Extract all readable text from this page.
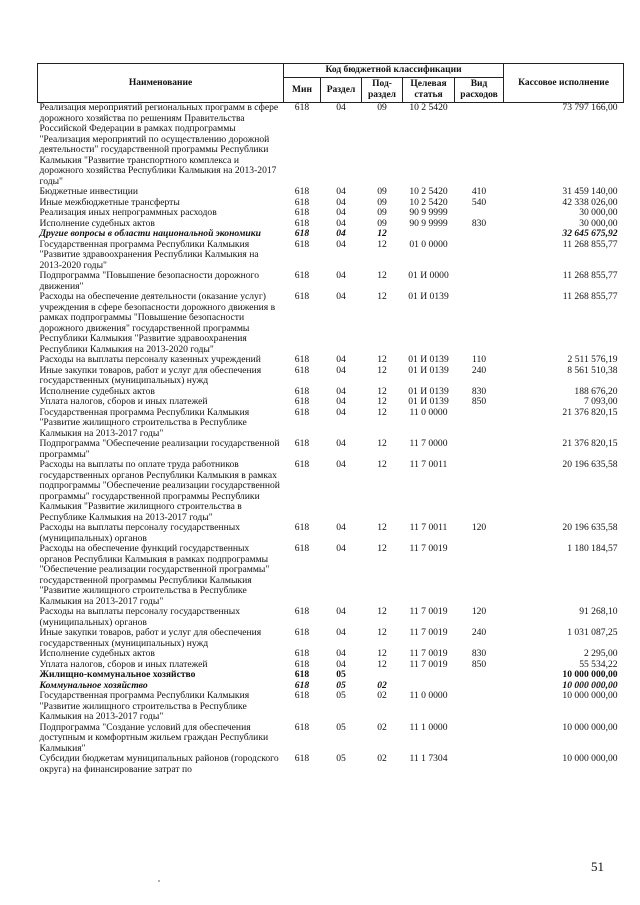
Наименование	Код бюджетной классификации					Кассовое исполнение
	Мин	Раздел	Под-раздел	Целевая статья	Вид расходов	
Реализация мероприятий региональных программ в сфере дорожного хозяйства по решениям Правительства Российской Федерации в рамках подпрограммы "Реализация мероприятий по осуществлению дорожной деятельности" государственной программы Республики Калмыкия "Развитие транспортного комплекса и дорожного хозяйства Республики Калмыкия на 2013-2017 годы"	618	04	09	10 2 5420		73 797 166,00
Бюджетные инвестиции	618	04	09	10 2 5420	410	31 459 140,00
Иные межбюджетные трансферты	618	04	09	10 2 5420	540	42 338 026,00
Реализация иных непрограммных расходов	618	04	09	90 9 9999		30 000,00
Исполнение судебных актов	618	04	09	90 9 9999	830	30 000,00
Другие вопросы в области национальной экономики	618	04	12			32 645 675,92
Государственная программа Республики Калмыкия "Развитие здравоохранения Республики Калмыкия на 2013-2020 годы"	618	04	12	01 0 0000		11 268 855,77
Подпрограмма "Повышение безопасности дорожного движения"	618	04	12	01 И 0000		11 268 855,77
Расходы на обеспечение деятельности (оказание услуг) учреждения в сфере безопасности дорожного движения в рамках подпрограммы "Повышение безопасности дорожного движения" государственной программы Республики Калмыкия "Развитие здравоохранения Республики Калмыкия на 2013-2020 годы"	618	04	12	01 И 0139		11 268 855,77
Расходы на выплаты персоналу казенных учреждений	618	04	12	01 И 0139	110	2 511 576,19
Иные закупки товаров, работ и услуг для обеспечения государственных (муниципальных) нужд	618	04	12	01 И 0139	240	8 561 510,38
Исполнение судебных актов	618	04	12	01 И 0139	830	188 676,20
Уплата налогов, сборов и иных платежей	618	04	12	01 И 0139	850	7 093,00
Государственная программа Республики Калмыкия "Развитие жилищного строительства в Республике Калмыкия на 2013-2017 годы"	618	04	12	11 0 0000		21 376 820,15
Подпрограмма "Обеспечение реализации государственной программы"	618	04	12	11 7 0000		21 376 820,15
Расходы на выплаты по оплате труда работников государственных органов Республики Калмыкия в рамках подпрограммы "Обеспечение реализации государственной программы" государственной программы Республики Калмыкия "Развитие жилищного строительства в Республике Калмыкия на 2013-2017 годы"	618	04	12	11 7 0011		20 196 635,58
Расходы на выплаты персоналу государственных (муниципальных) органов	618	04	12	11 7 0011	120	20 196 635,58
Расходы на обеспечение функций государственных органов Республики Калмыкия в рамках подпрограммы "Обеспечение реализации государственной программы" государственной программы Республики Калмыкия "Развитие жилищного строительства в Республике Калмыкия на 2013-2017 годы"	618	04	12	11 7 0019		1 180 184,57
Расходы на выплаты персоналу государственных (муниципальных) органов	618	04	12	11 7 0019	120	91 268,10
Иные закупки товаров, работ и услуг для обеспечения государственных (муниципальных) нужд	618	04	12	11 7 0019	240	1 031 087,25
Исполнение судебных актов	618	04	12	11 7 0019	830	2 295,00
Уплата налогов, сборов и иных платежей	618	04	12	11 7 0019	850	55 534,22
Жилищно-коммунальное хозяйство	618	05				10 000 000,00
Коммунальное хозяйство	618	05	02			10 000 000,00
Государственная программа Республики Калмыкия "Развитие жилищного строительства в Республике Калмыкия на 2013-2017 годы"	618	05	02	11 0 0000		10 000 000,00
Подпрограмма "Создание условий для обеспечения доступным и комфортным жильем граждан Республики Калмыкия"	618	05	02	11 1 0000		10 000 000,00
Субсидии бюджетам муниципальных районов (городского округа) на финансирование затрат по	618	05	02	11 1 7304		10 000 000,00
51
